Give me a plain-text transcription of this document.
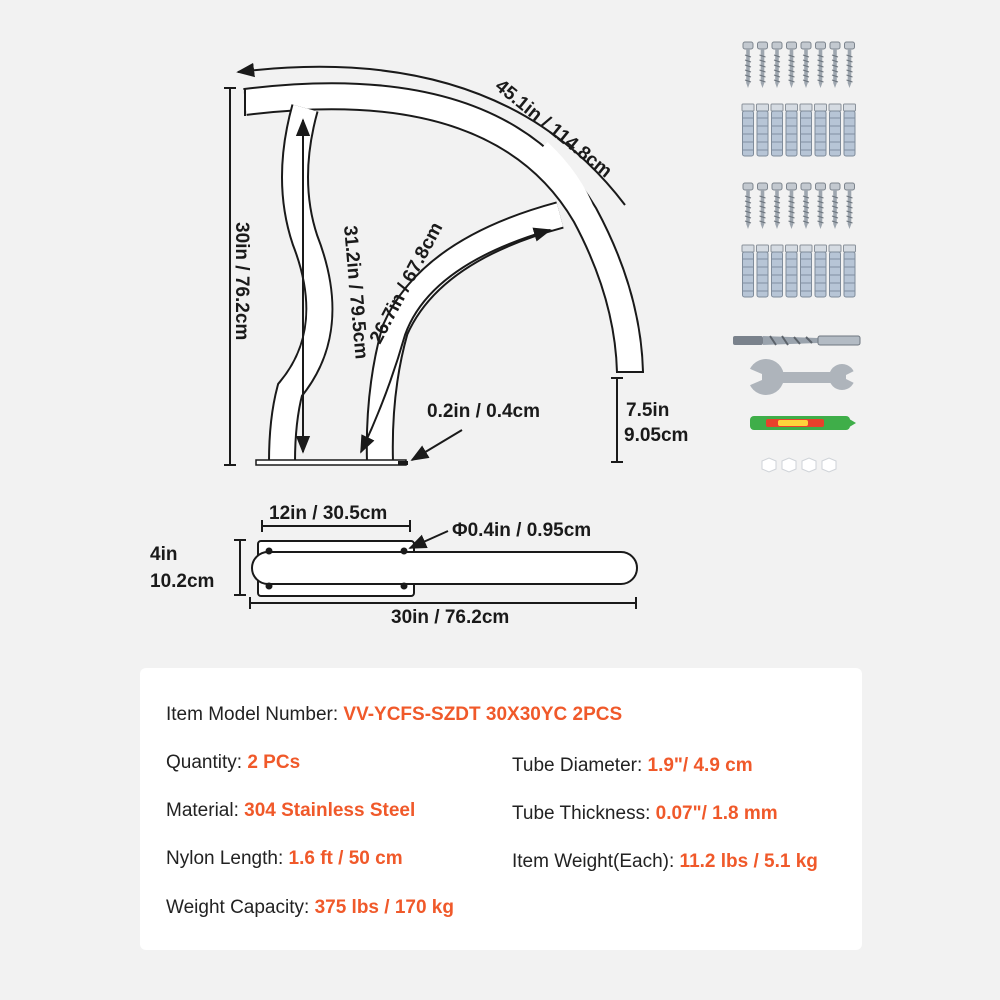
45.1in / 114.8cm
30in / 76.2cm	31.2in / 79.5cm
26.7in / 67.8cm
0.2in / 0.4cm	7.5in
9.05cm
12in / 30.5cm
Φ0.4in / 0.95cm
4in
10.2cm
30in / 76.2cm
Item Model Number: VV-YCFS-SZDT 30X30YC 2PCS
Quantity: 2 PCs
Material: 304 Stainless Steel
Nylon Length: 1.6 ft / 50 cm
Weight Capacity: 375 lbs / 170 kg
Tube Diameter: 1.9"/ 4.9 cm
Tube Thickness: 0.07"/ 1.8 mm
Item Weight(Each): 11.2 lbs / 5.1 kg
